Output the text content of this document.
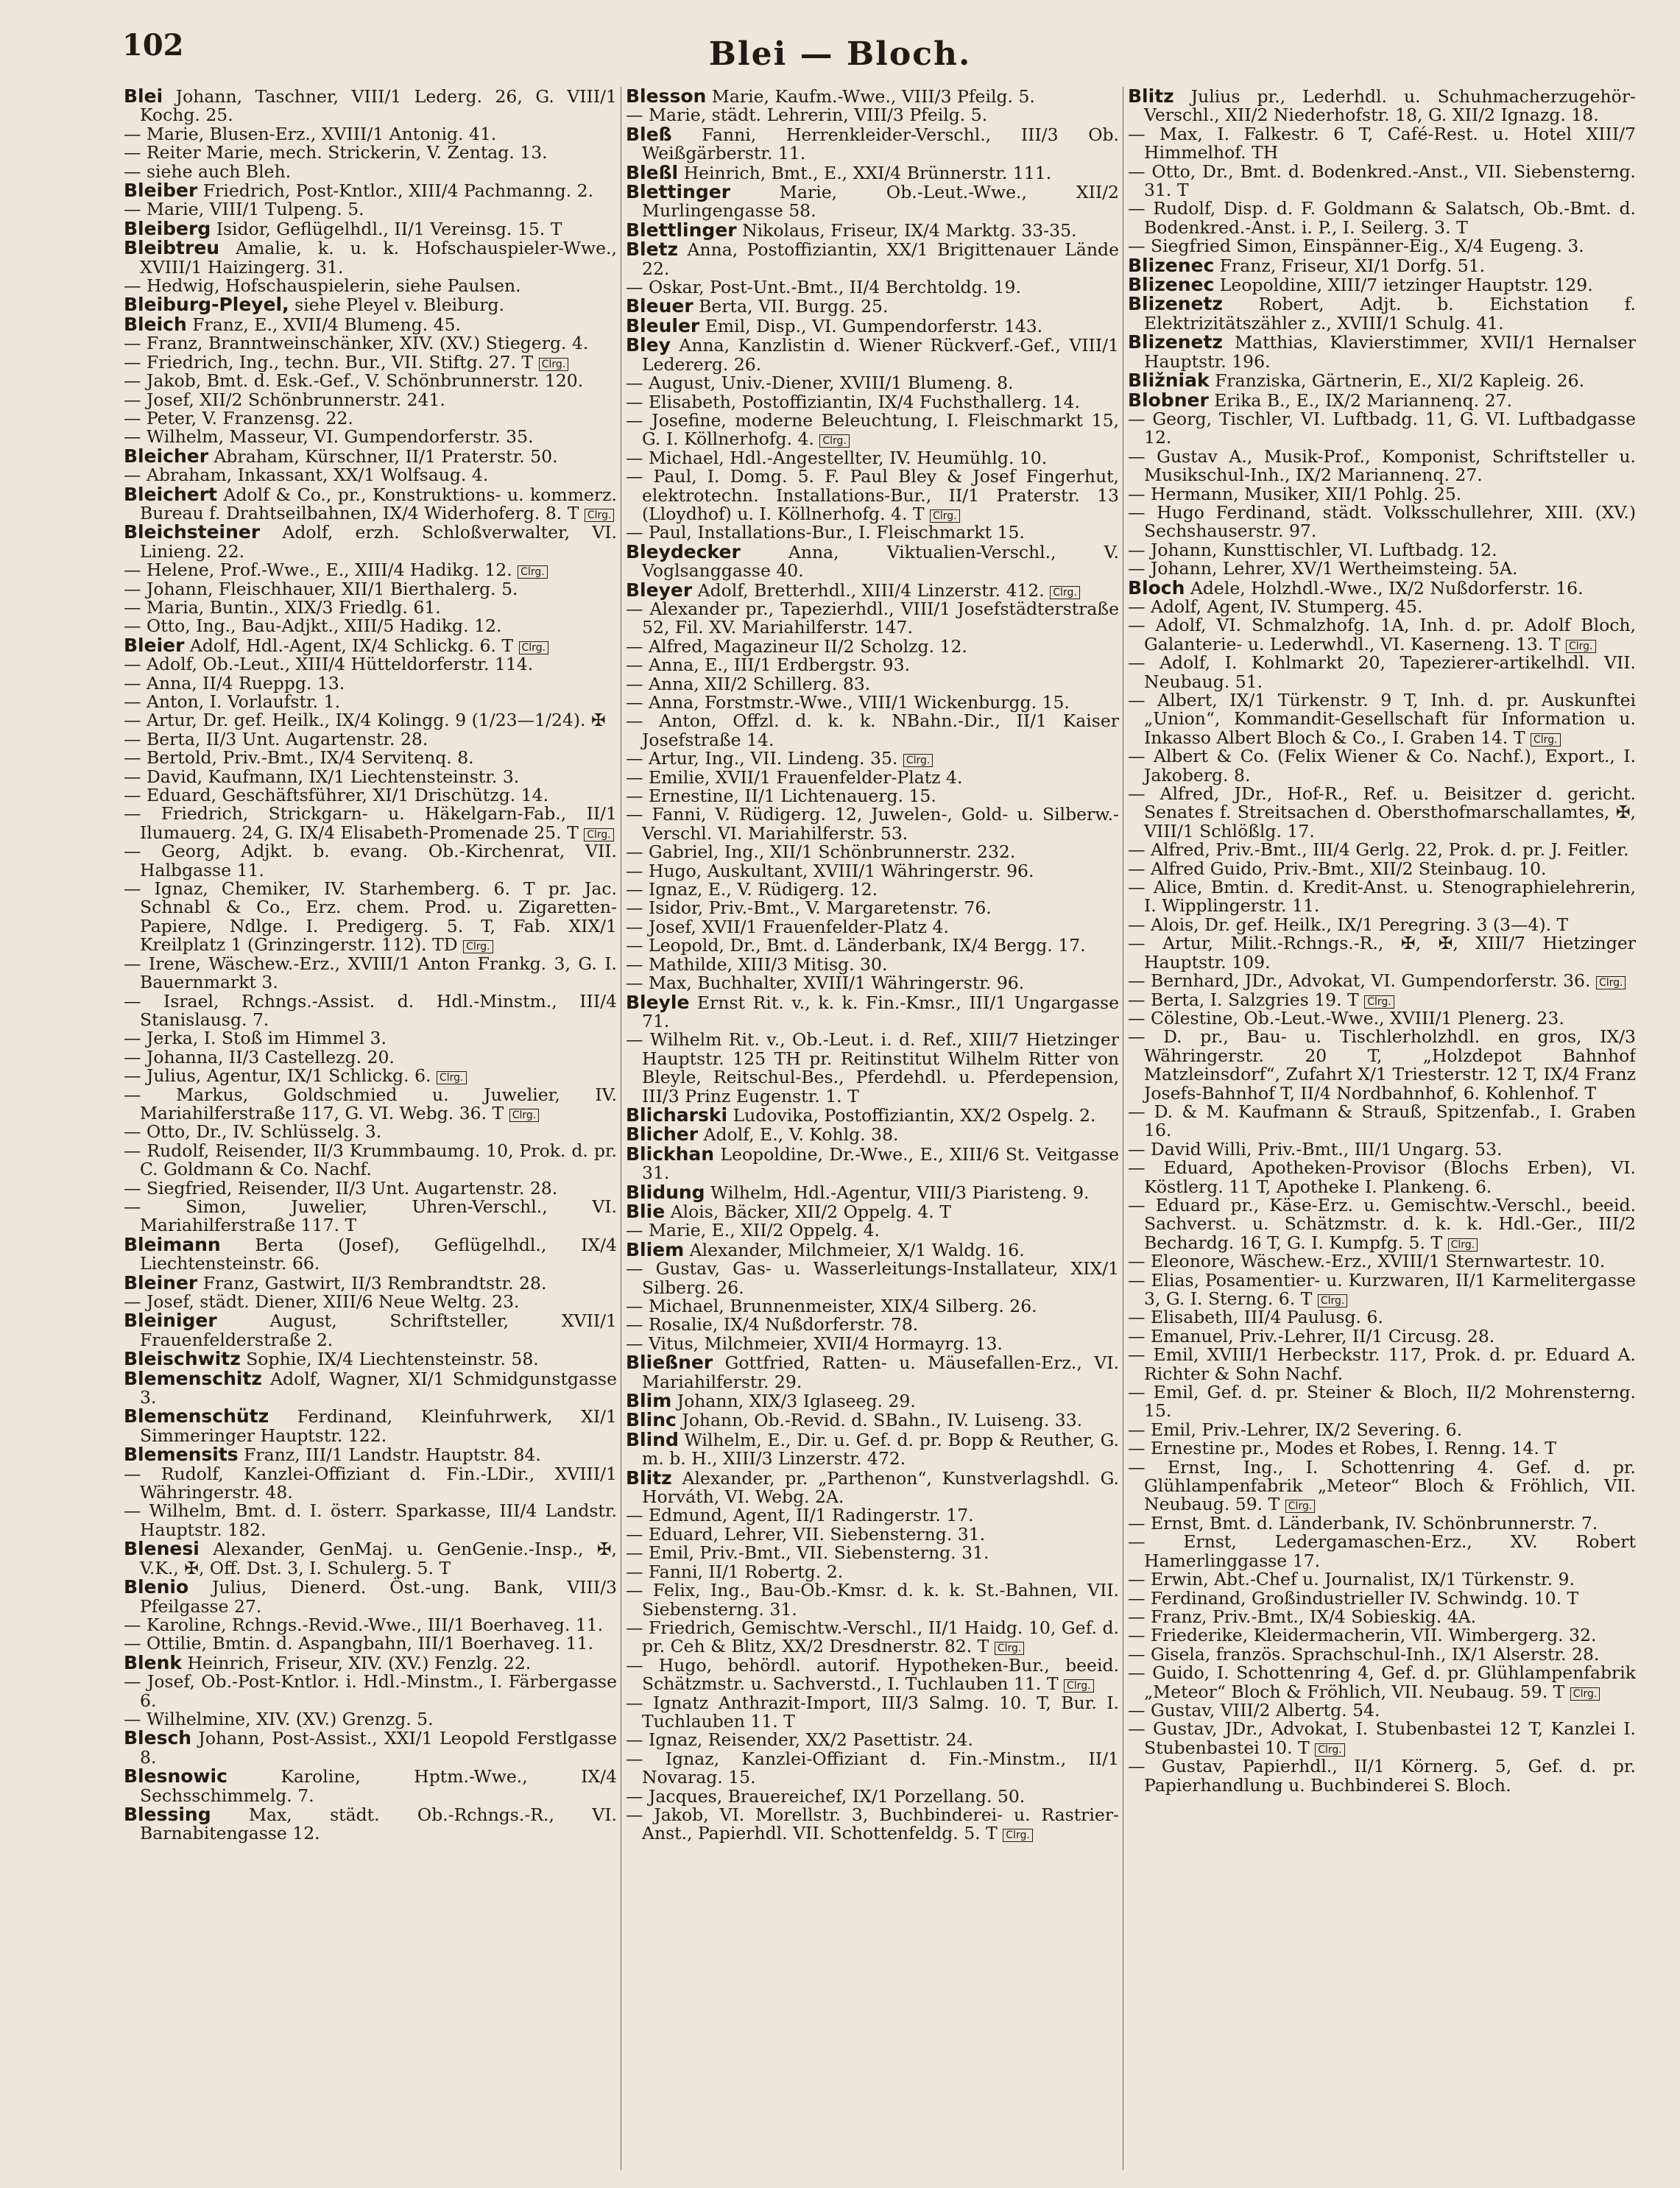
102	Blei — Bloch.
Blei Johann, Taschner, VIII/1 Lederg. 26, G. VIII/1 Kochg. 25.
— Marie, Blusen-Erz., XVIII/1 Antonig. 41.
— Reiter Marie, mech. Strickerin, V. Zentag. 13.
— siehe auch Bleh.
Bleiber Friedrich, Post-Kntlor., XIII/4 Pachmanng. 2.
— Marie, VIII/1 Tulpeng. 5.
Bleiberg Isidor, Geflügelhdl., II/1 Vereinsg. 15. T
Bleibtreu Amalie, k. u. k. Hofschauspieler-Wwe., XVIII/1 Haizingerg. 31.
— Hedwig, Hofschauspielerin, siehe Paulsen.
Bleiburg-Pleyel, siehe Pleyel v. Bleiburg.
Bleich Franz, E., XVII/4 Blumeng. 45.
— Franz, Branntweinschänker, XIV. (XV.) Stiegerg. 4.
— Friedrich, Ing., techn. Bur., VII. Stiftg. 27. T Clrg.
— Jakob, Bmt. d. Esk.-Gef., V. Schönbrunnerstr. 120.
— Josef, XII/2 Schönbrunnerstr. 241.
— Peter, V. Franzensg. 22.
— Wilhelm, Masseur, VI. Gumpendorferstr. 35.
Bleicher Abraham, Kürschner, II/1 Praterstr. 50.
— Abraham, Inkassant, XX/1 Wolfsaug. 4.
Bleichert Adolf & Co., pr., Konstruktions- u. kommerz. Bureau f. Drahtseilbahnen, IX/4 Widerhoferg. 8. T Clrg.
Bleichsteiner Adolf, erzh. Schloßverwalter, VI. Linieng. 22.
— Helene, Prof.-Wwe., E., XIII/4 Hadikg. 12. Clrg.
— Johann, Fleischhauer, XII/1 Bierthalerg. 5.
— Maria, Buntin., XIX/3 Friedlg. 61.
— Otto, Ing., Bau-Adjkt., XIII/5 Hadikg. 12.
Bleier Adolf, Hdl.-Agent, IX/4 Schlickg. 6. T Clrg.
— Adolf, Ob.-Leut., XIII/4 Hütteldorferstr. 114.
— Anna, II/4 Rueppg. 13.
— Anton, I. Vorlaufstr. 1.
— Artur, Dr. gef. Heilk., IX/4 Kolingg. 9 (1/23—1/24). ✠
— Berta, II/3 Unt. Augartenstr. 28.
— Bertold, Priv.-Bmt., IX/4 Servitenq. 8.
— David, Kaufmann, IX/1 Liechtensteinstr. 3.
— Eduard, Geschäftsführer, XI/1 Drischützg. 14.
— Friedrich, Strickgarn- u. Häkelgarn-Fab., II/1 Ilumauerg. 24, G. IX/4 Elisabeth-Promenade 25. T Clrg.
— Georg, Adjkt. b. evang. Ob.-Kirchenrat, VII. Halbgasse 11.
— Ignaz, Chemiker, IV. Starhemberg. 6. T pr. Jac. Schnabl & Co., Erz. chem. Prod. u. Zigaretten-Papiere, Ndlge. I. Predigerg. 5. T, Fab. XIX/1 Kreilplatz 1 (Grinzingerstr. 112). TD Clrg.
— Irene, Wäschew.-Erz., XVIII/1 Anton Frankg. 3, G. I. Bauernmarkt 3.
— Israel, Rchngs.-Assist. d. Hdl.-Minstm., III/4 Stanislausg. 7.
— Jerka, I. Stoß im Himmel 3.
— Johanna, II/3 Castellezg. 20.
— Julius, Agentur, IX/1 Schlickg. 6. Clrg.
— Markus, Goldschmied u. Juwelier, IV. Mariahilferstraße 117, G. VI. Webg. 36. T Clrg.
— Otto, Dr., IV. Schlüsselg. 3.
— Rudolf, Reisender, II/3 Krummbaumg. 10, Prok. d. pr. C. Goldmann & Co. Nachf.
— Siegfried, Reisender, II/3 Unt. Augartenstr. 28.
— Simon, Juwelier, Uhren-Verschl., VI. Mariahilferstraße 117. T
Bleimann Berta (Josef), Geflügelhdl., IX/4 Liechtensteinstr. 66.
Bleiner Franz, Gastwirt, II/3 Rembrandtstr. 28.
— Josef, städt. Diener, XIII/6 Neue Weltg. 23.
Bleiniger August, Schriftsteller, XVII/1 Frauenfelderstraße 2.
Bleischwitz Sophie, IX/4 Liechtensteinstr. 58.
Blemenschitz Adolf, Wagner, XI/1 Schmidgunstgasse 3.
Blemenschütz Ferdinand, Kleinfuhrwerk, XI/1 Simmeringer Hauptstr. 122.
Blemensits Franz, III/1 Landstr. Hauptstr. 84.
— Rudolf, Kanzlei-Offiziant d. Fin.-LDir., XVIII/1 Währingerstr. 48.
— Wilhelm, Bmt. d. I. österr. Sparkasse, III/4 Landstr. Hauptstr. 182.
Blenesi Alexander, GenMaj. u. GenGenie.-Insp., ✠, V.K., ✠, Off. Dst. 3, I. Schulerg. 5. T
Blenio Julius, Dienerd. Öst.-ung. Bank, VIII/3 Pfeilgasse 27.
— Karoline, Rchngs.-Revid.-Wwe., III/1 Boerhaveg. 11.
— Ottilie, Bmtin. d. Aspangbahn, III/1 Boerhaveg. 11.
Blenk Heinrich, Friseur, XIV. (XV.) Fenzlg. 22.
— Josef, Ob.-Post-Kntlor. i. Hdl.-Minstm., I. Färbergasse 6.
— Wilhelmine, XIV. (XV.) Grenzg. 5.
Blesch Johann, Post-Assist., XXI/1 Leopold Ferstlgasse 8.
Blesnowic Karoline, Hptm.-Wwe., IX/4 Sechsschimmelg. 7.
Blessing Max, städt. Ob.-Rchngs.-R., VI. Barnabitengasse 12.
Blesson Marie, Kaufm.-Wwe., VIII/3 Pfeilg. 5.
— Marie, städt. Lehrerin, VIII/3 Pfeilg. 5.
Bleß Fanni, Herrenkleider-Verschl., III/3 Ob. Weißgärberstr. 11.
Bleßl Heinrich, Bmt., E., XXI/4 Brünnerstr. 111.
Blettinger Marie, Ob.-Leut.-Wwe., XII/2 Murlingengasse 58.
Blettlinger Nikolaus, Friseur, IX/4 Marktg. 33-35.
Bletz Anna, Postoffiziantin, XX/1 Brigittenauer Lände 22.
— Oskar, Post-Unt.-Bmt., II/4 Berchtoldg. 19.
Bleuer Berta, VII. Burgg. 25.
Bleuler Emil, Disp., VI. Gumpendorferstr. 143.
Bley Anna, Kanzlistin d. Wiener Rückverf.-Gef., VIII/1 Ledererg. 26.
— August, Univ.-Diener, XVIII/1 Blumeng. 8.
— Elisabeth, Postoffiziantin, IX/4 Fuchsthallerg. 14.
— Josefine, moderne Beleuchtung, I. Fleischmarkt 15, G. I. Köllnerhofg. 4. Clrg.
— Michael, Hdl.-Angestellter, IV. Heumühlg. 10.
— Paul, I. Domg. 5. F. Paul Bley & Josef Fingerhut, elektrotechn. Installations-Bur., II/1 Praterstr. 13 (Lloydhof) u. I. Köllnerhofg. 4. T Clrg.
— Paul, Installations-Bur., I. Fleischmarkt 15.
Bleydecker Anna, Viktualien-Verschl., V. Voglsanggasse 40.
Bleyer Adolf, Bretterhdl., XIII/4 Linzerstr. 412. Clrg.
— Alexander pr., Tapezierhdl., VIII/1 Josefstädterstraße 52, Fil. XV. Mariahilferstr. 147.
— Alfred, Magazineur II/2 Scholzg. 12.
— Anna, E., III/1 Erdbergstr. 93.
— Anna, XII/2 Schillerg. 83.
— Anna, Forstmstr.-Wwe., VIII/1 Wickenburgg. 15.
— Anton, Offzl. d. k. k. NBahn.-Dir., II/1 Kaiser Josefstraße 14.
— Artur, Ing., VII. Lindeng. 35. Clrg.
— Emilie, XVII/1 Frauenfelder-Platz 4.
— Ernestine, II/1 Lichtenauerg. 15.
— Fanni, V. Rüdigerg. 12, Juwelen-, Gold- u. Silberw.-Verschl. VI. Mariahilferstr. 53.
— Gabriel, Ing., XII/1 Schönbrunnerstr. 232.
— Hugo, Auskultant, XVIII/1 Währingerstr. 96.
— Ignaz, E., V. Rüdigerg. 12.
— Isidor, Priv.-Bmt., V. Margaretenstr. 76.
— Josef, XVII/1 Frauenfelder-Platz 4.
— Leopold, Dr., Bmt. d. Länderbank, IX/4 Bergg. 17.
— Mathilde, XIII/3 Mitisg. 30.
— Max, Buchhalter, XVIII/1 Währingerstr. 96.
Bleyle Ernst Rit. v., k. k. Fin.-Kmsr., III/1 Ungargasse 71.
— Wilhelm Rit. v., Ob.-Leut. i. d. Ref., XIII/7 Hietzinger Hauptstr. 125 TH pr. Reitinstitut Wilhelm Ritter von Bleyle, Reitschul-Bes., Pferdehdl. u. Pferdepension, III/3 Prinz Eugenstr. 1. T
Blicharski Ludovika, Postoffiziantin, XX/2 Ospelg. 2.
Blicher Adolf, E., V. Kohlg. 38.
Blickhan Leopoldine, Dr.-Wwe., E., XIII/6 St. Veitgasse 31.
Blidung Wilhelm, Hdl.-Agentur, VIII/3 Piaristeng. 9.
Blie Alois, Bäcker, XII/2 Oppelg. 4. T
— Marie, E., XII/2 Oppelg. 4.
Bliem Alexander, Milchmeier, X/1 Waldg. 16.
— Gustav, Gas- u. Wasserleitungs-Installateur, XIX/1 Silberg. 26.
— Michael, Brunnenmeister, XIX/4 Silberg. 26.
— Rosalie, IX/4 Nußdorferstr. 78.
— Vitus, Milchmeier, XVII/4 Hormayrg. 13.
Bließner Gottfried, Ratten- u. Mäusefallen-Erz., VI. Mariahilferstr. 29.
Blim Johann, XIX/3 Iglaseeg. 29.
Blinc Johann, Ob.-Revid. d. SBahn., IV. Luiseng. 33.
Blind Wilhelm, E., Dir. u. Gef. d. pr. Bopp & Reuther, G. m. b. H., XIII/3 Linzerstr. 472.
Blitz Alexander, pr. „Parthenon“, Kunstverlagshdl. G. Horváth, VI. Webg. 2A.
— Edmund, Agent, II/1 Radingerstr. 17.
— Eduard, Lehrer, VII. Siebensterng. 31.
— Emil, Priv.-Bmt., VII. Siebensterng. 31.
— Fanni, II/1 Robertg. 2.
— Felix, Ing., Bau-Ob.-Kmsr. d. k. k. St.-Bahnen, VII. Siebensterng. 31.
— Friedrich, Gemischtw.-Verschl., II/1 Haidg. 10, Gef. d. pr. Ceh & Blitz, XX/2 Dresdnerstr. 82. T Clrg.
— Hugo, behördl. autorif. Hypotheken-Bur., beeid. Schätzmstr. u. Sachverstd., I. Tuchlauben 11. T Clrg.
— Ignatz Anthrazit-Import, III/3 Salmg. 10. T, Bur. I. Tuchlauben 11. T
— Ignaz, Reisender, XX/2 Pasettistr. 24.
— Ignaz, Kanzlei-Offiziant d. Fin.-Minstm., II/1 Novarag. 15.
— Jacques, Brauereichef, IX/1 Porzellang. 50.
— Jakob, VI. Morellstr. 3, Buchbinderei- u. Rastrier-Anst., Papierhdl. VII. Schottenfeldg. 5. T Clrg.
Blitz Julius pr., Lederhdl. u. Schuhmacherzugehör-Verschl., XII/2 Niederhofstr. 18, G. XII/2 Ignazg. 18.
— Max, I. Falkestr. 6 T, Café-Rest. u. Hotel XIII/7 Himmelhof. TH
— Otto, Dr., Bmt. d. Bodenkred.-Anst., VII. Siebensterng. 31. T
— Rudolf, Disp. d. F. Goldmann & Salatsch, Ob.-Bmt. d. Bodenkred.-Anst. i. P., I. Seilerg. 3. T
— Siegfried Simon, Einspänner-Eig., X/4 Eugeng. 3.
Blizenec Franz, Friseur, XI/1 Dorfg. 51.
Blizenec Leopoldine, XIII/7 ietzinger Hauptstr. 129.
Blizenetz Robert, Adjt. b. Eichstation f. Elektrizitätszähler z., XVIII/1 Schulg. 41.
Blizenetz Matthias, Klavierstimmer, XVII/1 Hernalser Hauptstr. 196.
Bližniak Franziska, Gärtnerin, E., XI/2 Kapleig. 26.
Blobner Erika B., E., IX/2 Mariannenq. 27.
— Georg, Tischler, VI. Luftbadg. 11, G. VI. Luftbadgasse 12.
— Gustav A., Musik-Prof., Komponist, Schriftsteller u. Musikschul-Inh., IX/2 Mariannenq. 27.
— Hermann, Musiker, XII/1 Pohlg. 25.
— Hugo Ferdinand, städt. Volksschullehrer, XIII. (XV.) Sechshauserstr. 97.
— Johann, Kunsttischler, VI. Luftbadg. 12.
— Johann, Lehrer, XV/1 Wertheimsteing. 5A.
Bloch Adele, Holzhdl.-Wwe., IX/2 Nußdorferstr. 16.
— Adolf, Agent, IV. Stumperg. 45.
— Adolf, VI. Schmalzhofg. 1A, Inh. d. pr. Adolf Bloch, Galanterie- u. Lederwhdl., VI. Kaserneng. 13. T Clrg.
— Adolf, I. Kohlmarkt 20, Tapezierer-artikelhdl. VII. Neubaug. 51.
— Albert, IX/1 Türkenstr. 9 T, Inh. d. pr. Auskunftei „Union“, Kommandit-Gesellschaft für Information u. Inkasso Albert Bloch & Co., I. Graben 14. T Clrg.
— Albert & Co. (Felix Wiener & Co. Nachf.), Export., I. Jakoberg. 8.
— Alfred, JDr., Hof-R., Ref. u. Beisitzer d. gericht. Senates f. Streitsachen d. Obersthofmarschallamtes, ✠, VIII/1 Schlößlg. 17.
— Alfred, Priv.-Bmt., III/4 Gerlg. 22, Prok. d. pr. J. Feitler.
— Alfred Guido, Priv.-Bmt., XII/2 Steinbaug. 10.
— Alice, Bmtin. d. Kredit-Anst. u. Stenographielehrerin, I. Wipplingerstr. 11.
— Alois, Dr. gef. Heilk., IX/1 Peregring. 3 (3—4). T
— Artur, Milit.-Rchngs.-R., ✠, ✠, XIII/7 Hietzinger Hauptstr. 109.
— Bernhard, JDr., Advokat, VI. Gumpendorferstr. 36. Clrg.
— Berta, I. Salzgries 19. T Clrg.
— Cölestine, Ob.-Leut.-Wwe., XVIII/1 Plenerg. 23.
— D. pr., Bau- u. Tischlerholzhdl. en gros, IX/3 Währingerstr. 20 T, „Holzdepot Bahnhof Matzleinsdorf“, Zufahrt X/1 Triesterstr. 12 T, IX/4 Franz Josefs-Bahnhof T, II/4 Nordbahnhof, 6. Kohlenhof. T
— D. & M. Kaufmann & Strauß, Spitzenfab., I. Graben 16.
— David Willi, Priv.-Bmt., III/1 Ungarg. 53.
— Eduard, Apotheken-Provisor (Blochs Erben), VI. Köstlerg. 11 T, Apotheke I. Plankeng. 6.
— Eduard pr., Käse-Erz. u. Gemischtw.-Verschl., beeid. Sachverst. u. Schätzmstr. d. k. k. Hdl.-Ger., III/2 Bechardg. 16 T, G. I. Kumpfg. 5. T Clrg.
— Eleonore, Wäschew.-Erz., XVIII/1 Sternwartestr. 10.
— Elias, Posamentier- u. Kurzwaren, II/1 Karmelitergasse 3, G. I. Sterng. 6. T Clrg.
— Elisabeth, III/4 Paulusg. 6.
— Emanuel, Priv.-Lehrer, II/1 Circusg. 28.
— Emil, XVIII/1 Herbeckstr. 117, Prok. d. pr. Eduard A. Richter & Sohn Nachf.
— Emil, Gef. d. pr. Steiner & Bloch, II/2 Mohrensterng. 15.
— Emil, Priv.-Lehrer, IX/2 Severing. 6.
— Ernestine pr., Modes et Robes, I. Renng. 14. T
— Ernst, Ing., I. Schottenring 4. Gef. d. pr. Glühlampenfabrik „Meteor“ Bloch & Fröhlich, VII. Neubaug. 59. T Clrg.
— Ernst, Bmt. d. Länderbank, IV. Schönbrunnerstr. 7.
— Ernst, Ledergamaschen-Erz., XV. Robert Hamerlinggasse 17.
— Erwin, Abt.-Chef u. Journalist, IX/1 Türkenstr. 9.
— Ferdinand, Großindustrieller IV. Schwindg. 10. T
— Franz, Priv.-Bmt., IX/4 Sobieskig. 4A.
— Friederike, Kleidermacherin, VII. Wimbergerg. 32.
— Gisela, französ. Sprachschul-Inh., IX/1 Alserstr. 28.
— Guido, I. Schottenring 4, Gef. d. pr. Glühlampenfabrik „Meteor“ Bloch & Fröhlich, VII. Neubaug. 59. T Clrg.
— Gustav, VIII/2 Albertg. 54.
— Gustav, JDr., Advokat, I. Stubenbastei 12 T, Kanzlei I. Stubenbastei 10. T Clrg.
— Gustav, Papierhdl., II/1 Körnerg. 5, Gef. d. pr. Papierhandlung u. Buchbinderei S. Bloch.
